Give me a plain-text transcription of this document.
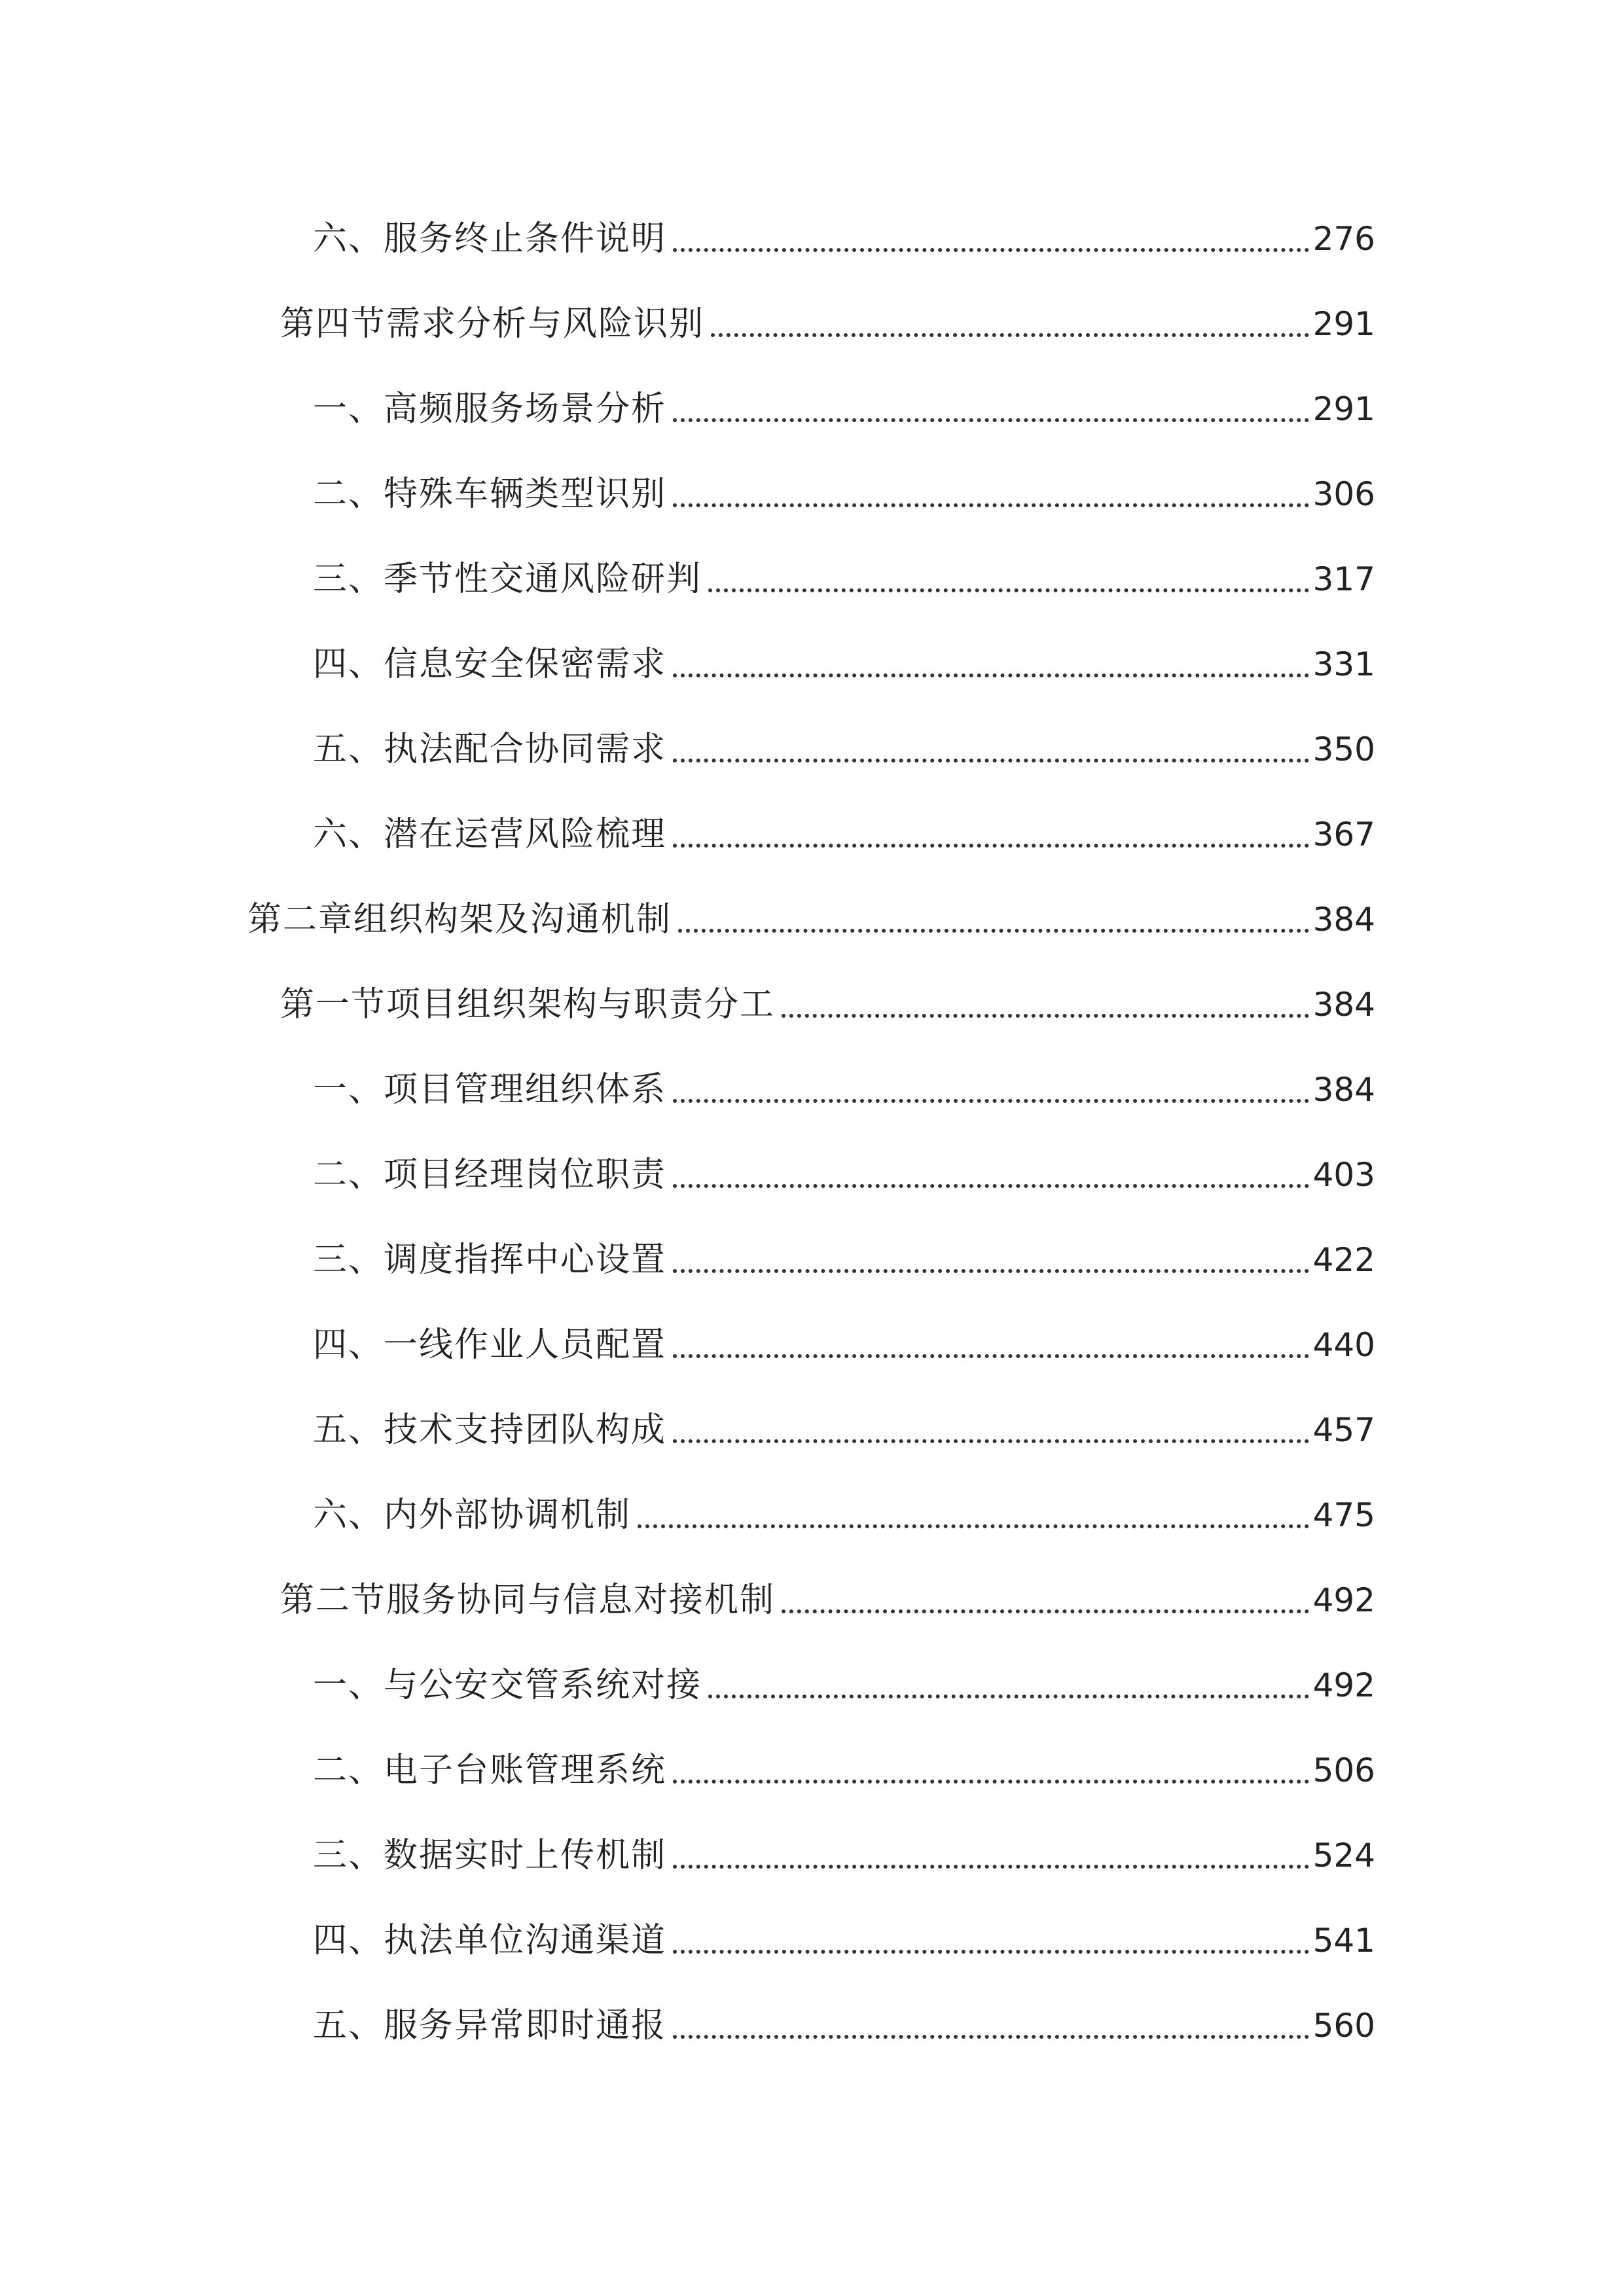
六、服务终止条件说明	276
第四节需求分析与风险识别	291
一、高频服务场景分析	291
二、特殊车辆类型识别	306
三、季节性交通风险研判	317
四、信息安全保密需求	331
五、执法配合协同需求	350
六、潜在运营风险梳理	367
第二章组织构架及沟通机制	384
第一节项目组织架构与职责分工	384
一、项目管理组织体系	384
二、项目经理岗位职责	403
三、调度指挥中心设置	422
四、一线作业人员配置	440
五、技术支持团队构成	457
六、内外部协调机制	475
第二节服务协同与信息对接机制	492
一、与公安交管系统对接	492
二、电子台账管理系统	506
三、数据实时上传机制	524
四、执法单位沟通渠道	541
五、服务异常即时通报	560
